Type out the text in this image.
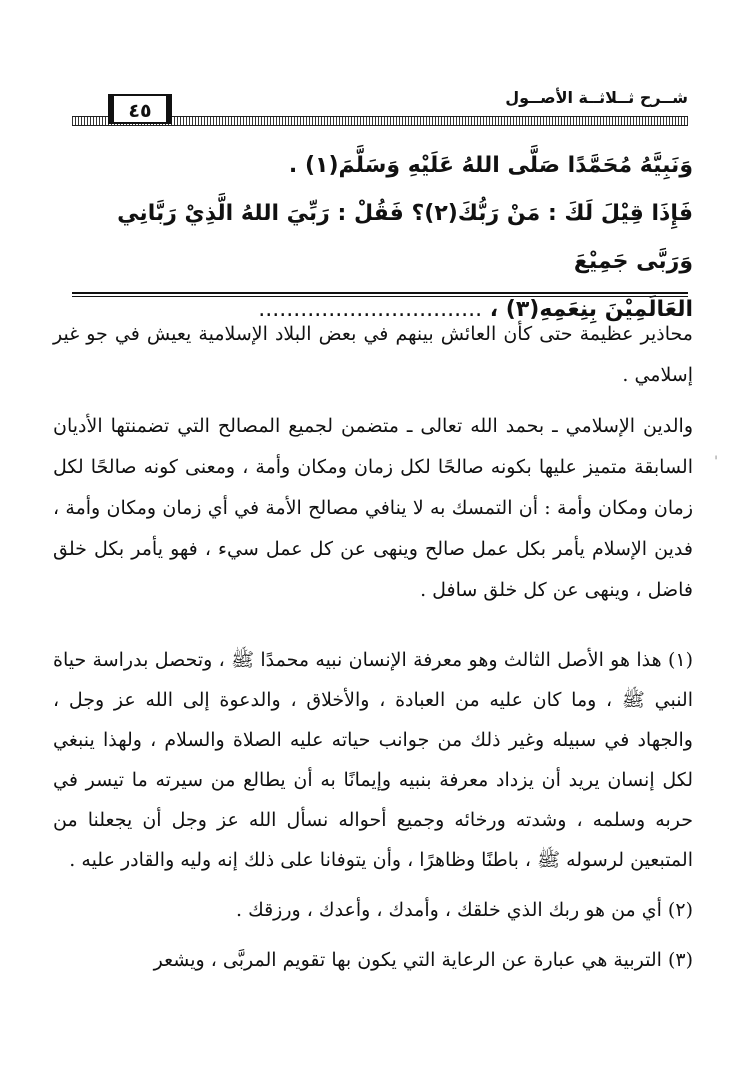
شــرح ثــلاثــة الأصــول
٤٥

وَنَبِيَّهُ مُحَمَّدًا صَلَّى اللهُ عَلَيْهِ وَسَلَّمَ(١) .

فَإِذَا قِيْلَ لَكَ : مَنْ رَبُّكَ(٢)؟ فَقُلْ : رَبِّيَ اللهُ الَّذِيْ رَبَّانِي وَرَبَّى جَمِيْعَ

العَالَمِيْنَ بِنِعَمِهِ(٣) ، ................................

محاذير عظيمة حتى كأن العائش بينهم في بعض البلاد الإسلامية يعيش في جو غير إسلامي .

والدين الإسلامي ـ بحمد الله تعالى ـ متضمن لجميع المصالح التي تضمنتها الأديان السابقة متميز عليها بكونه صالحًا لكل زمان ومكان وأمة ، ومعنى كونه صالحًا لكل زمان ومكان وأمة : أن التمسك به لا ينافي مصالح الأمة في أي زمان ومكان وأمة ، فدين الإسلام يأمر بكل عمل صالح وينهى عن كل عمل سيء ، فهو يأمر بكل خلق فاضل ، وينهى عن كل خلق سافل .

(١) هذا هو الأصل الثالث وهو معرفة الإنسان نبيه محمدًا ﷺ ، وتحصل بدراسة حياة النبي ﷺ ، وما كان عليه من العبادة ، والأخلاق ، والدعوة إلى الله عز وجل ، والجهاد في سبيله وغير ذلك من جوانب حياته عليه الصلاة والسلام ، ولهذا ينبغي لكل إنسان يريد أن يزداد معرفة بنبيه وإيمانًا به أن يطالع من سيرته ما تيسر في حربه وسلمه ، وشدته ورخائه وجميع أحواله نسأل الله عز وجل أن يجعلنا من المتبعين لرسوله ﷺ ، باطنًا وظاهرًا ، وأن يتوفانا على ذلك إنه وليه والقادر عليه .

(٢) أي من هو ربك الذي خلقك ، وأمدك ، وأعدك ، ورزقك .

(٣) التربية هي عبارة عن الرعاية التي يكون بها تقويم المربَّى ، ويشعر

'
